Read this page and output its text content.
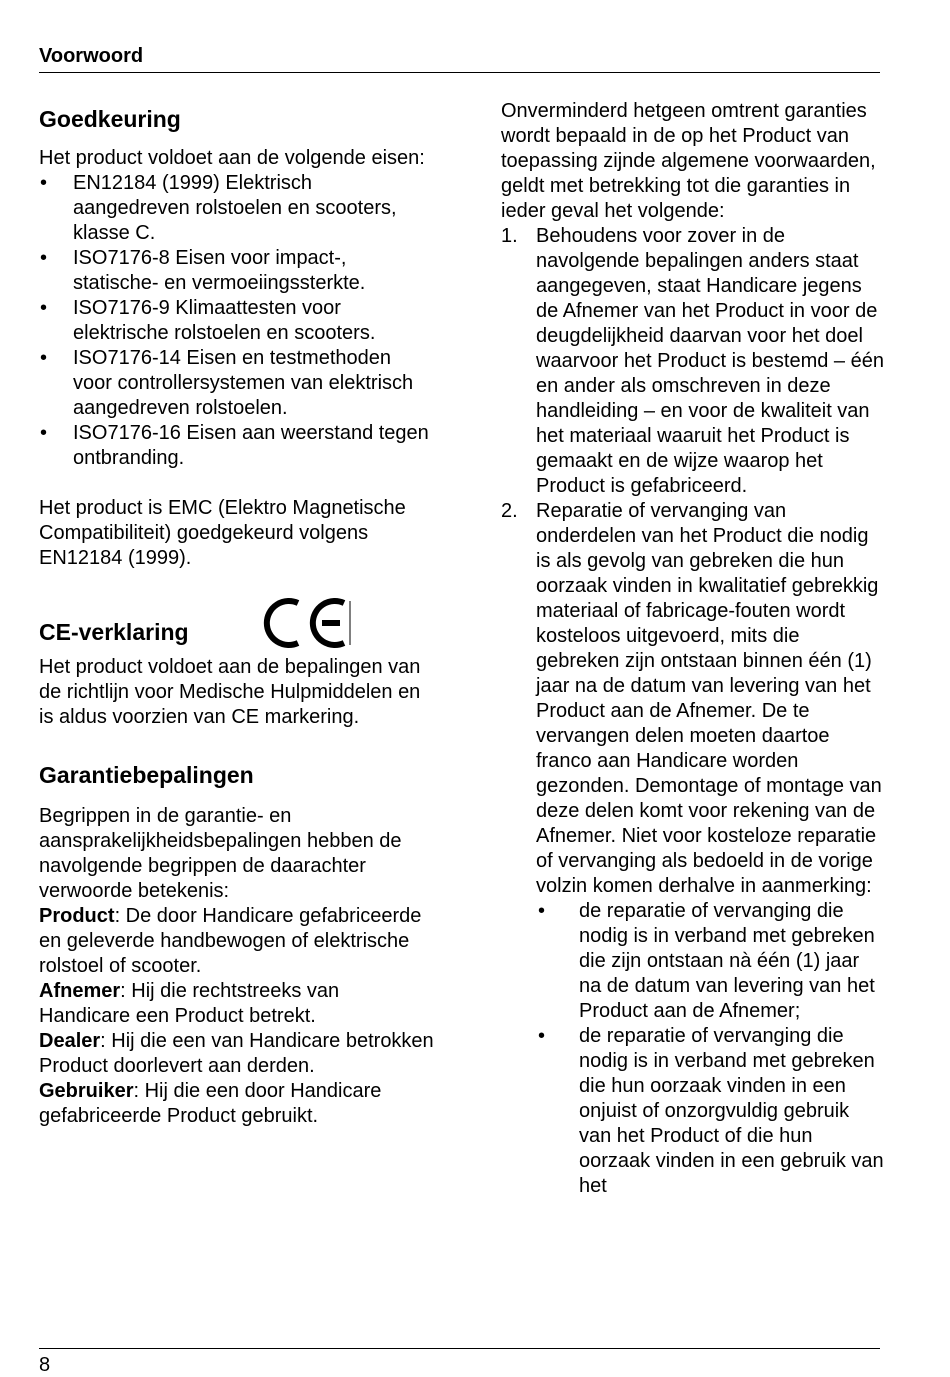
Voorwoord
Goedkeuring

Het product voldoet aan de volgende eisen:

• EN12184 (1999) Elektrisch aangedreven rolstoelen en scooters, klasse C.
• ISO7176-8 Eisen voor impact-, statische- en vermoeiingssterkte.
• ISO7176-9 Klimaattesten voor elektrische rolstoelen en scooters.
• ISO7176-14 Eisen en testmethoden voor controllersystemen van elektrisch aangedreven rolstoelen.
• ISO7176-16 Eisen aan weerstand tegen ontbranding.

Het product is EMC (Elektro Magnetische Compatibiliteit) goedgekeurd volgens EN12184 (1999).

CE-verklaring

Het product voldoet aan de bepalingen van de richtlijn voor Medische Hulpmiddelen en is aldus voorzien van CE markering.

Garantiebepalingen

Begrippen in de garantie- en aansprakelijkheidsbepalingen hebben de navolgende begrippen de daarachter verwoorde betekenis:

Product: De door Handicare gefabriceerde en geleverde handbewogen of elektrische rolstoel of scooter.

Afnemer: Hij die rechtstreeks van Handicare een Product betrekt.

Dealer: Hij die een van Handicare betrokken Product doorlevert aan derden.

Gebruiker: Hij die een door Handicare gefabriceerde Product gebruikt.

Onverminderd hetgeen omtrent garanties wordt bepaald in de op het Product van toepassing zijnde algemene voorwaarden, geldt met betrekking tot die garanties in ieder geval het volgende:

1. Behoudens voor zover in de navolgende bepalingen anders staat aangegeven, staat Handicare jegens de Afnemer van het Product in voor de deugdelijkheid daarvan voor het doel waarvoor het Product is bestemd – één en ander als omschreven in deze handleiding – en voor de kwaliteit van het materiaal waaruit het Product is gemaakt en de wijze waarop het Product is gefabriceerd.
2. Reparatie of vervanging van onderdelen van het Product die nodig is als gevolg van gebreken die hun oorzaak vinden in kwalitatief gebrekkig materiaal of fabricage-fouten wordt kosteloos uitgevoerd, mits die gebreken zijn ontstaan binnen één (1) jaar na de datum van levering van het Product aan de Afnemer. De te vervangen delen moeten daartoe franco aan Handicare worden gezonden. Demontage of montage van deze delen komt voor rekening van de Afnemer. Niet voor kosteloze reparatie of vervanging als bedoeld in de vorige volzin komen derhalve in aanmerking:
• de reparatie of vervanging die nodig is in verband met gebreken die zijn ontstaan nà één (1) jaar na de datum van levering van het Product aan de Afnemer;
• de reparatie of vervanging die nodig is in verband met gebreken die hun oorzaak vinden in een onjuist of onzorgvuldig gebruik van het Product of die hun oorzaak vinden in een gebruik van het
8
